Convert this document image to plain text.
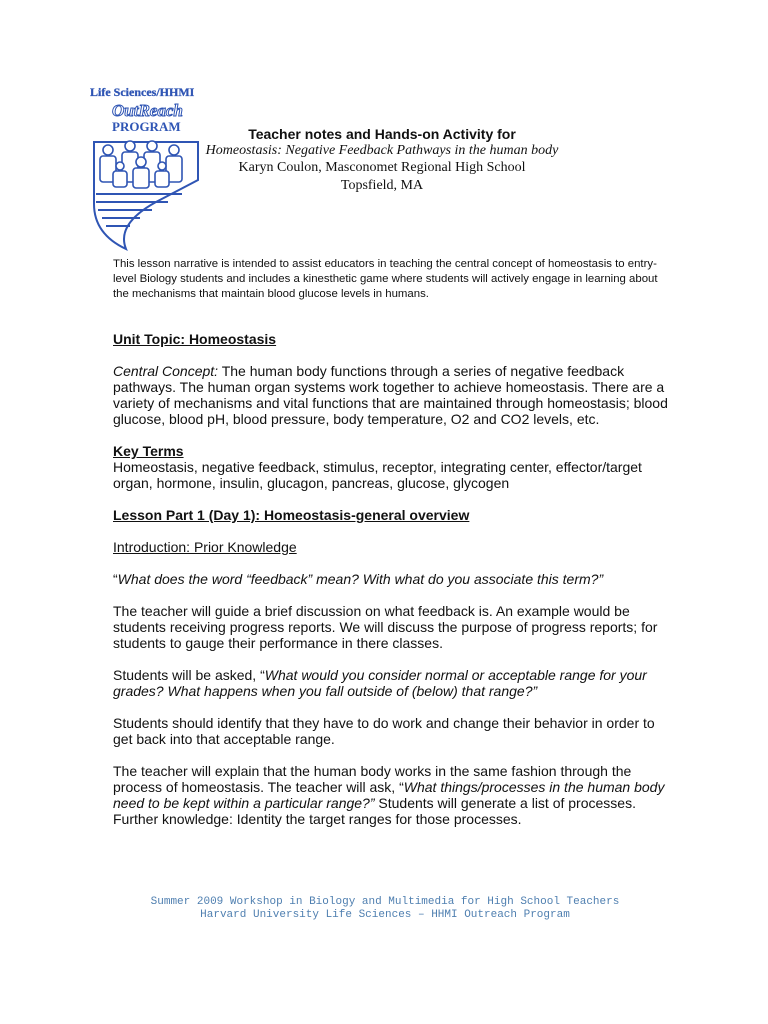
Life Sciences/HHMI
OutReach
PROGRAM	Teacher notes and Hands-on Activity for
Homeostasis: Negative Feedback Pathways in the human body
Karyn Coulon, Masconomet Regional High School
Topsfield, MA
This lesson narrative is intended to assist educators in teaching the central concept of homeostasis to entry-level Biology students and includes a kinesthetic game where students will actively engage in learning about the mechanisms that maintain blood glucose levels in humans.

Unit Topic: Homeostasis

Central Concept: The human body functions through a series of negative feedback pathways. The human organ systems work together to achieve homeostasis. There are a variety of mechanisms and vital functions that are maintained through homeostasis; blood glucose, blood pH, blood pressure, body temperature, O2 and CO2 levels, etc.

Key Terms

Homeostasis, negative feedback, stimulus, receptor, integrating center, effector/target organ, hormone, insulin, glucagon, pancreas, glucose, glycogen

Lesson Part 1 (Day 1): Homeostasis-general overview

Introduction: Prior Knowledge

“What does the word “feedback” mean? With what do you associate this term?”

The teacher will guide a brief discussion on what feedback is. An example would be students receiving progress reports. We will discuss the purpose of progress reports; for students to gauge their performance in there classes.

Students will be asked, “What would you consider normal or acceptable range for your grades? What happens when you fall outside of (below) that range?”

Students should identify that they have to do work and change their behavior in order to get back into that acceptable range.

The teacher will explain that the human body works in the same fashion through the process of homeostasis. The teacher will ask, “What things/processes in the human body need to be kept within a particular range?” Students will generate a list of processes. Further knowledge: Identity the target ranges for those processes.

Summer 2009 Workshop in Biology and Multimedia for High School Teachers
Harvard University Life Sciences – HHMI Outreach Program
